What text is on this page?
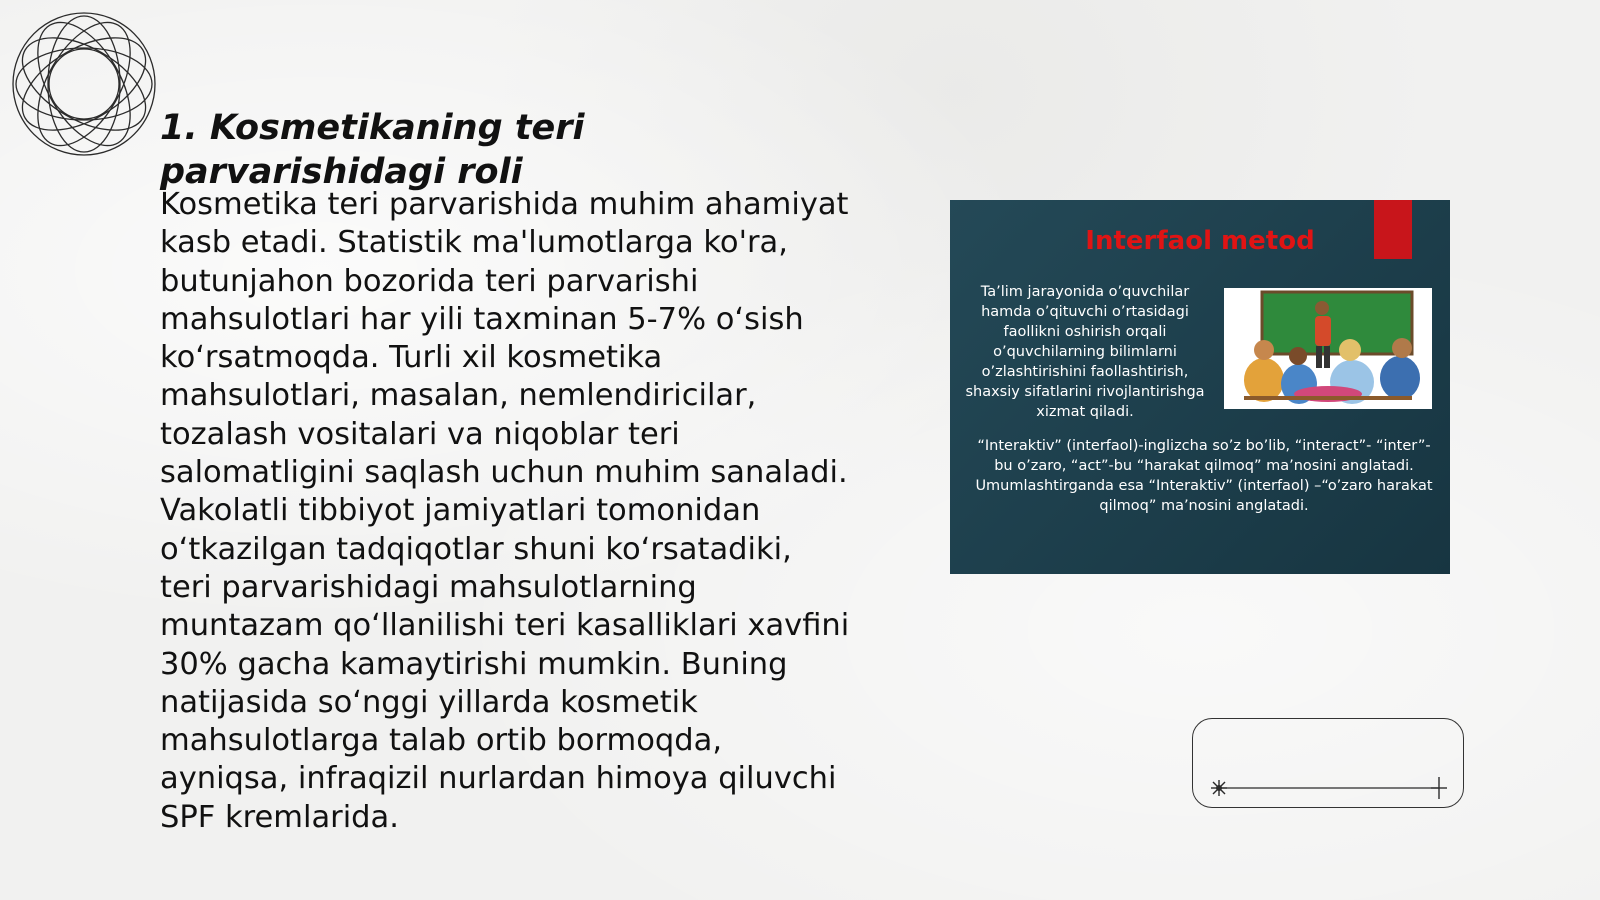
1. Kosmetikaning teri parvarishidagi roli

Kosmetika teri parvarishida muhim ahamiyat kasb etadi. Statistik ma'lumotlarga ko'ra, butunjahon bozorida teri parvarishi mahsulotlari har yili taxminan 5-7% o‘sish ko‘rsatmoqda. Turli xil kosmetika mahsulotlari, masalan, nemlendiricilar, tozalash vositalari va niqoblar teri salomatligini saqlash uchun muhim sanaladi. Vakolatli tibbiyot jamiyatlari tomonidan o‘tkazilgan tadqiqotlar shuni ko‘rsatadiki, teri parvarishidagi mahsulotlarning muntazam qo‘llanilishi teri kasalliklari xavfini 30% gacha kamaytirishi mumkin. Buning natijasida so‘nggi yillarda kosmetik mahsulotlarga talab ortib bormoqda, ayniqsa, infraqizil nurlardan himoya qiluvchi SPF kremlarida.

Interfaol metod
Ta’lim jarayonida o’quvchilar hamda o’qituvchi o’rtasidagi faollikni oshirish orqali o’quvchilarning bilimlarni o’zlashtirishini faollashtirish, shaxsiy sifatlarini rivojlantirishga xizmat qiladi.
“Interaktiv” (interfaol)-inglizcha so’z bo’lib, “interact”- “inter”-bu o’zaro, “act”-bu “harakat qilmoq” ma’nosini anglatadi. Umumlashtirganda esa “Interaktiv” (interfaol) –“o’zaro harakat qilmoq” ma’nosini anglatadi.
